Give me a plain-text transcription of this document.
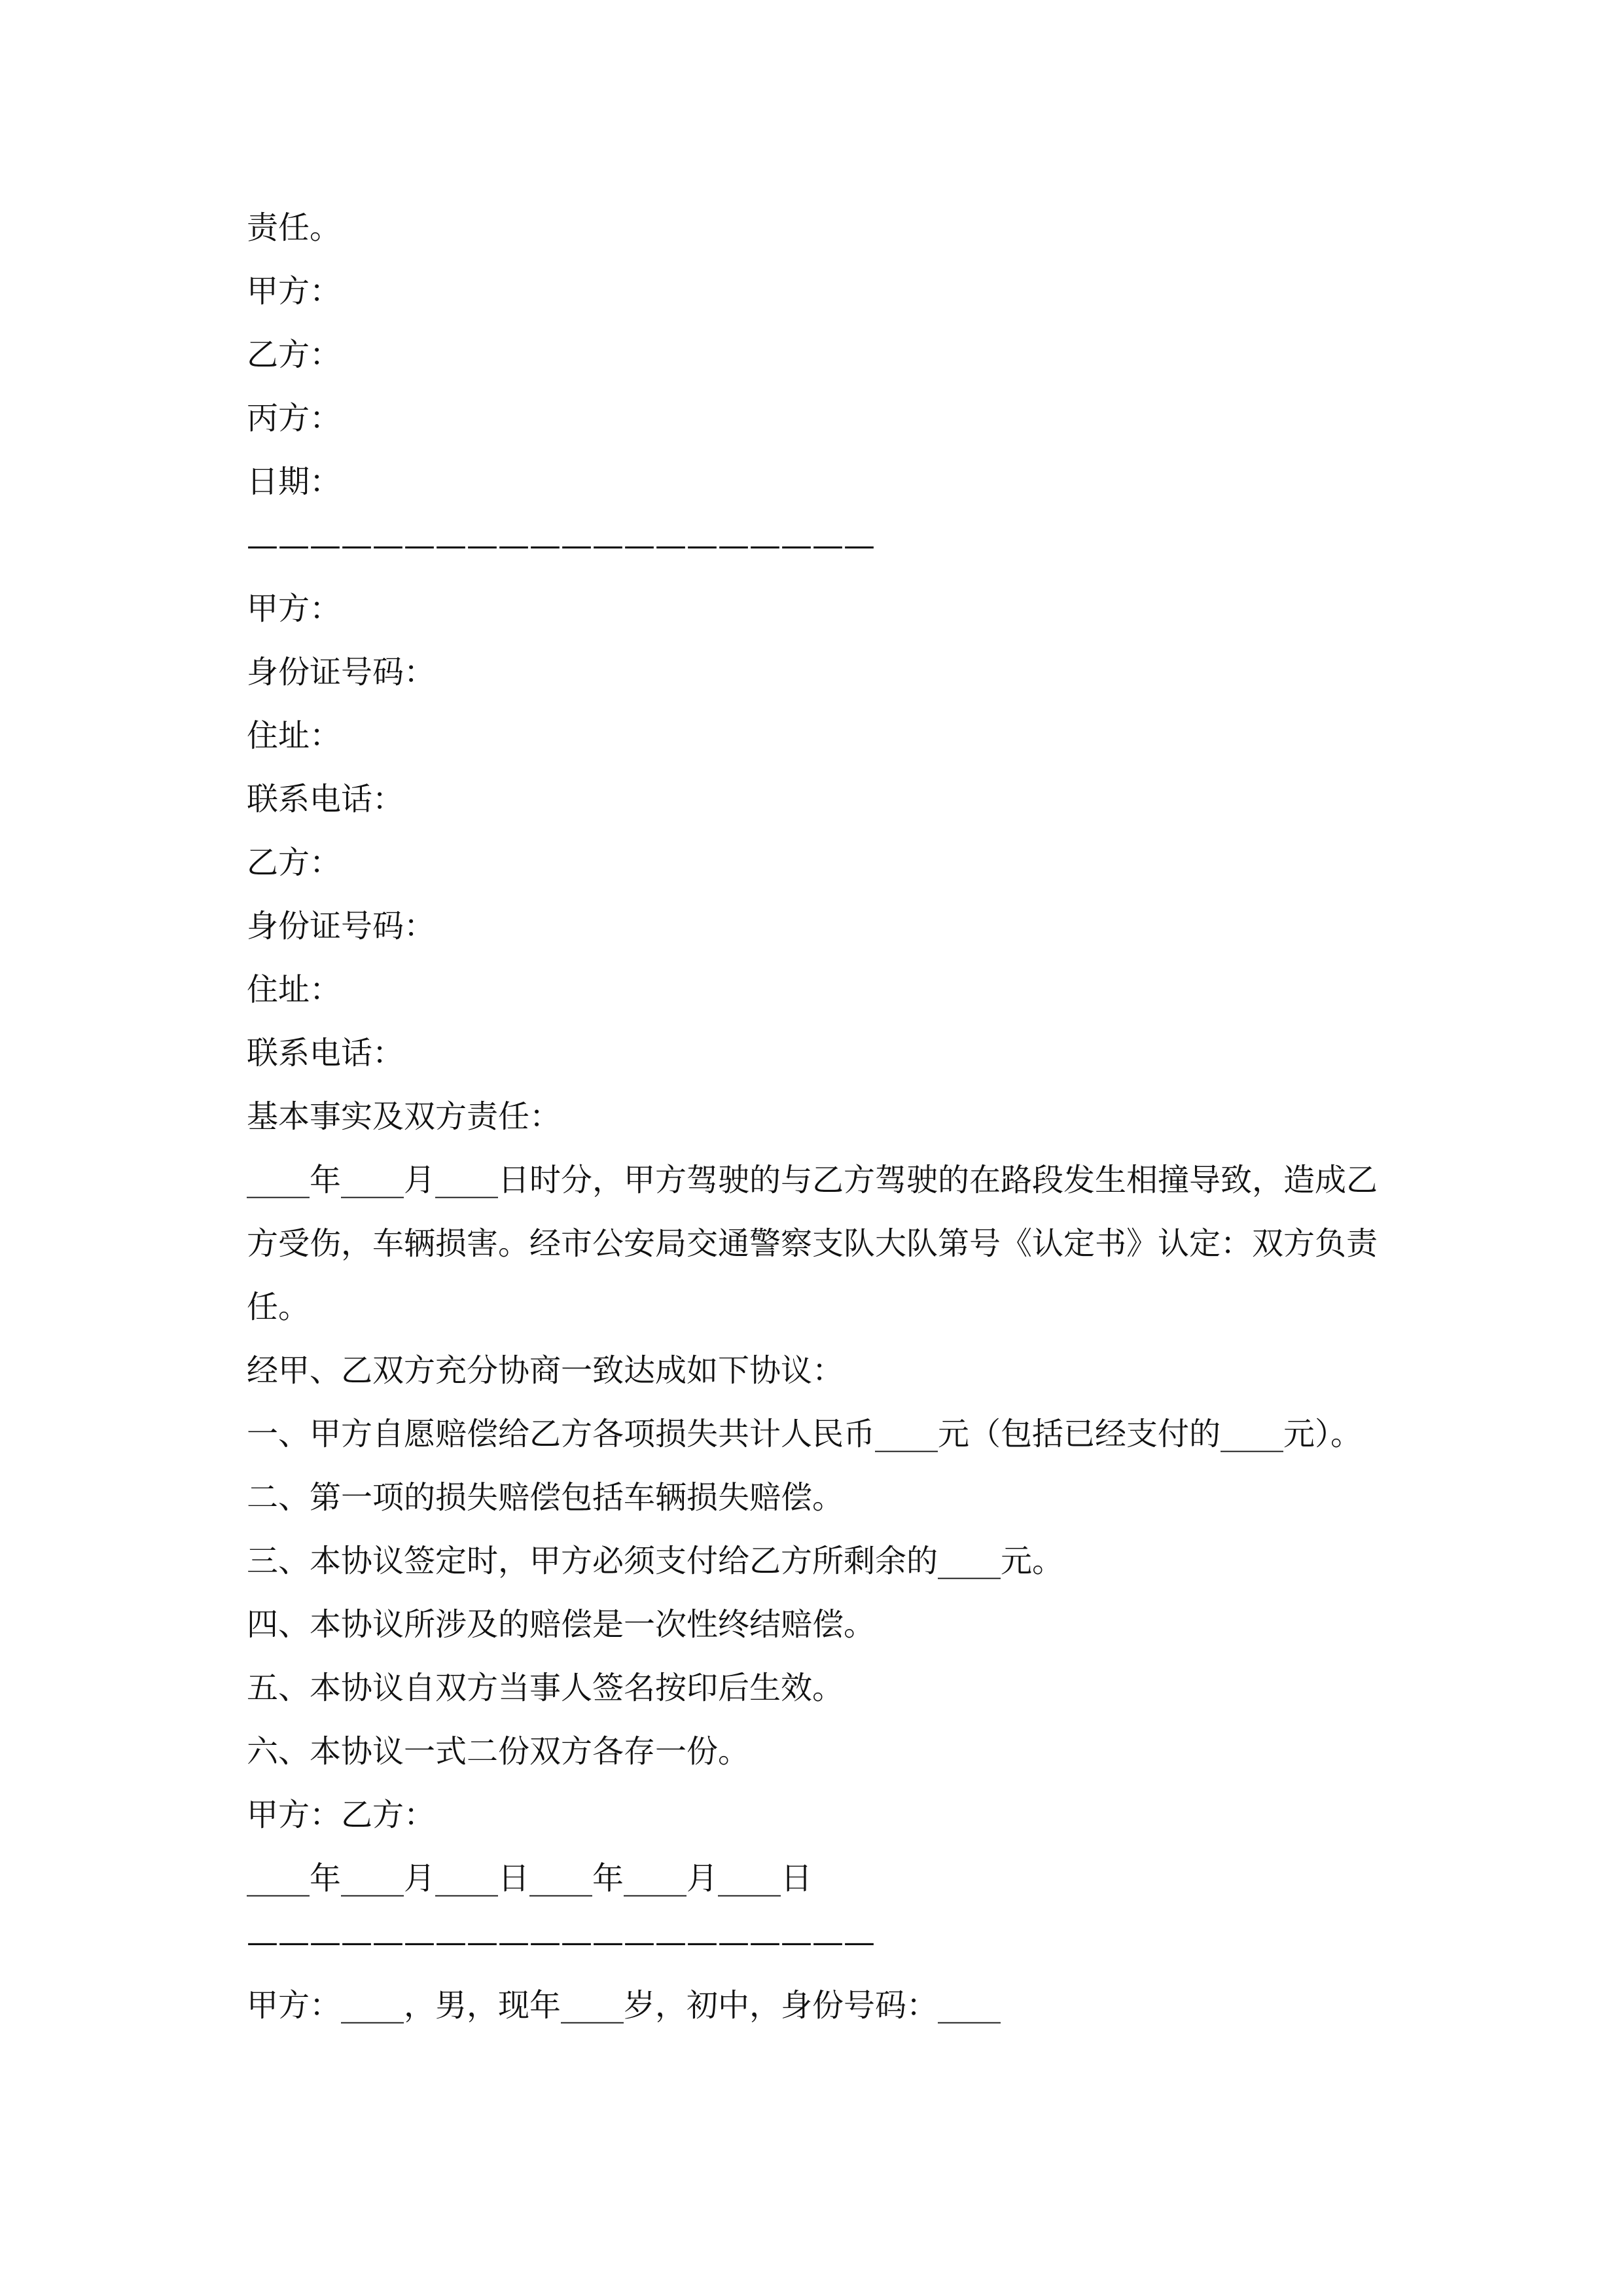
责任。
甲方：
乙方：
丙方：
日期：
————————————————————
甲方：
身份证号码：
住址：
联系电话：
乙方：
身份证号码：
住址：
联系电话：
基本事实及双方责任：
____年____月____日时分，甲方驾驶的与乙方驾驶的在路段发生相撞导致，造成乙方受伤，车辆损害。经市公安局交通警察支队大队第号《认定书》认定：双方负责任。
经甲、乙双方充分协商一致达成如下协议：
一、甲方自愿赔偿给乙方各项损失共计人民币____元（包括已经支付的____元）。
二、第一项的损失赔偿包括车辆损失赔偿。
三、本协议签定时，甲方必须支付给乙方所剩余的____元。
四、本协议所涉及的赔偿是一次性终结赔偿。
五、本协议自双方当事人签名按印后生效。
六、本协议一式二份双方各存一份。
甲方：乙方：
____年____月____日____年____月____日
————————————————————
甲方：____，男，现年____岁，初中，身份号码：____
